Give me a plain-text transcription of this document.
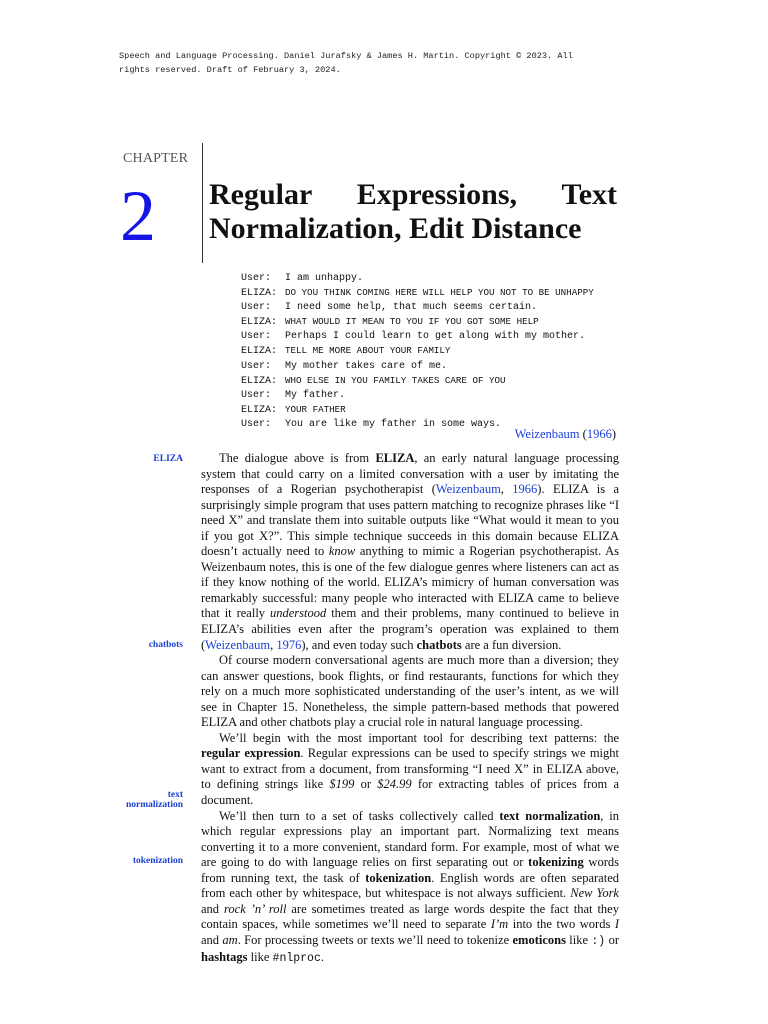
Speech and Language Processing. Daniel Jurafsky & James H. Martin. Copyright © 2023. All
rights reserved. Draft of February 3, 2024.
CHAPTER
2 Regular Expressions, Text
Normalization, Edit Distance
User: I am unhappy.
ELIZA: DO YOU THINK COMING HERE WILL HELP YOU NOT TO BE UNHAPPY
User: I need some help, that much seems certain.
ELIZA: WHAT WOULD IT MEAN TO YOU IF YOU GOT SOME HELP
User: Perhaps I could learn to get along with my mother.
ELIZA: TELL ME MORE ABOUT YOUR FAMILY
User: My mother takes care of me.
ELIZA: WHO ELSE IN YOU FAMILY TAKES CARE OF YOU
User: My father.
ELIZA: YOUR FATHER
User: You are like my father in some ways.
Weizenbaum (1966)
ELIZA
chatbots
text
normalization
tokenization

The dialogue above is from ELIZA, an early natural language processing system that could carry on a limited conversation with a user by imitating the responses of a Rogerian psychotherapist (Weizenbaum, 1966). ELIZA is a surprisingly simple program that uses pattern matching to recognize phrases like “I need X” and translate them into suitable outputs like “What would it mean to you if you got X?”. This simple technique succeeds in this domain because ELIZA doesn’t actually need to know anything to mimic a Rogerian psychotherapist. As Weizenbaum notes, this is one of the few dialogue genres where listeners can act as if they know nothing of the world. ELIZA’s mimicry of human conversation was remarkably successful: many people who interacted with ELIZA came to believe that it really understood them and their problems, many continued to believe in ELIZA’s abilities even after the program’s operation was explained to them (Weizenbaum, 1976), and even today such chatbots are a fun diversion.

Of course modern conversational agents are much more than a diversion; they can answer questions, book flights, or find restaurants, functions for which they rely on a much more sophisticated understanding of the user’s intent, as we will see in Chapter 15. Nonetheless, the simple pattern-based methods that powered ELIZA and other chatbots play a crucial role in natural language processing.

We’ll begin with the most important tool for describing text patterns: the regular expression. Regular expressions can be used to specify strings we might want to extract from a document, from transforming “I need X” in ELIZA above, to defining strings like $199 or $24.99 for extracting tables of prices from a document.

We’ll then turn to a set of tasks collectively called text normalization, in which regular expressions play an important part. Normalizing text means converting it to a more convenient, standard form. For example, most of what we are going to do with language relies on first separating out or tokenizing words from running text, the task of tokenization. English words are often separated from each other by whitespace, but whitespace is not always sufficient. New York and rock ’n’ roll are sometimes treated as large words despite the fact that they contain spaces, while sometimes we’ll need to separate I’m into the two words I and am. For processing tweets or texts we’ll need to tokenize emoticons like :) or hashtags like #nlproc.
